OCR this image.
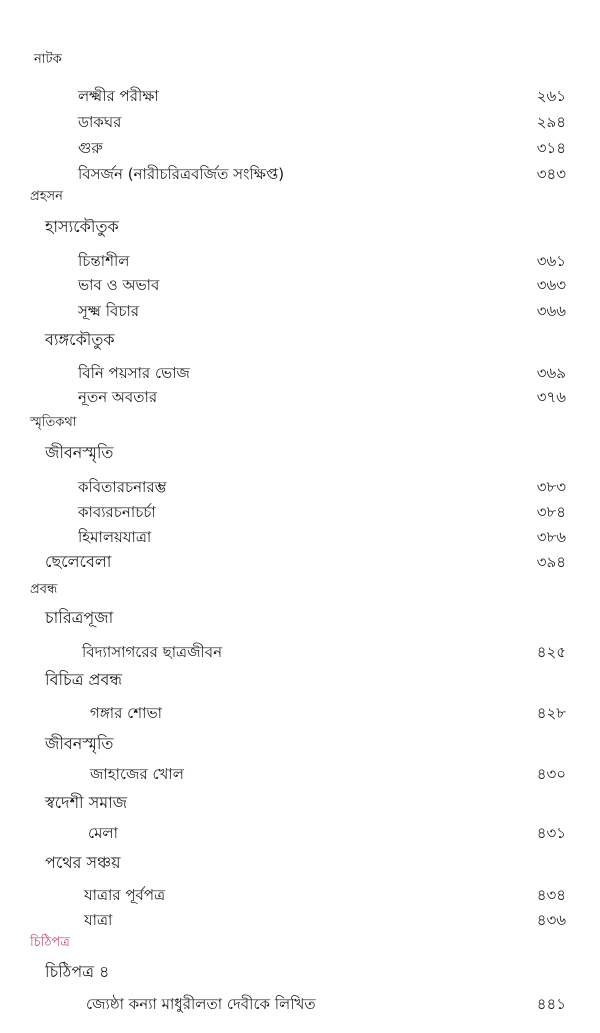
নাটক
লক্ষ্মীর পরীক্ষা	২৬১
ডাকঘর	২৯৪
গুরু	৩১৪
বিসর্জন (নারীচরিত্রবর্জিত সংক্ষিপ্ত)	৩৪৩
প্রহসন
হাস্যকৌতুক
চিন্তাশীল	৩৬১
ভাব ও অভাব	৩৬৩
সূক্ষ্ম বিচার	৩৬৬
ব্যঙ্গকৌতুক
বিনি পয়সার ভোজ	৩৬৯
নূতন অবতার	৩৭৬
স্মৃতিকথা
জীবনস্মৃতি
কবিতারচনারম্ভ	৩৮৩
কাব্যরচনাচর্চা	৩৮৪
হিমালয়যাত্রা	৩৮৬
ছেলেবেলা	৩৯৪
প্রবন্ধ
চারিত্রপূজা
বিদ্যাসাগরের ছাত্রজীবন	৪২৫
বিচিত্র প্রবন্ধ
গঙ্গার শোভা	৪২৮
জীবনস্মৃতি
জাহাজের খোল	৪৩০
স্বদেশী সমাজ
মেলা	৪৩১
পথের সঞ্চয়
যাত্রার পূর্বপত্র	৪৩৪
যাত্রা	৪৩৬
চিঠিপত্র
চিঠিপত্র ৪
জ্যেষ্ঠা কন্যা মাধুরীলতা দেবীকে লিখিত	৪৪১
